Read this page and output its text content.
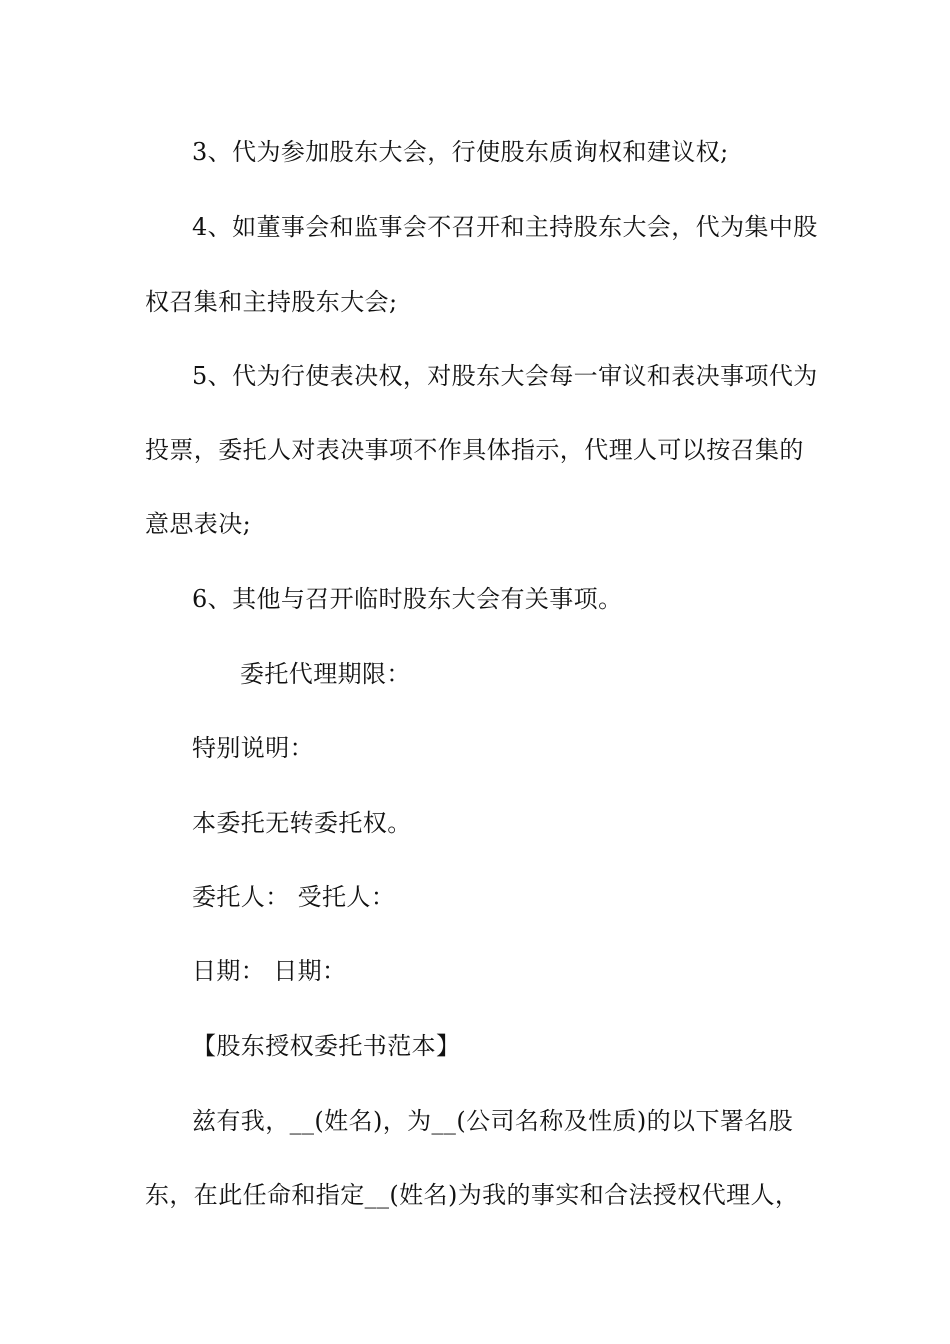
3、代为参加股东大会，行使股东质询权和建议权;
4、如董事会和监事会不召开和主持股东大会，代为集中股
权召集和主持股东大会;
5、代为行使表决权，对股东大会每一审议和表决事项代为
投票，委托人对表决事项不作具体指示，代理人可以按召集的
意思表决;
6、其他与召开临时股东大会有关事项。
委托代理期限：
特别说明：
本委托无转委托权。
委托人： 受托人：
日期： 日期：
【股东授权委托书范本】
兹有我，__(姓名)，为__(公司名称及性质)的以下署名股
东，在此任命和指定__(姓名)为我的事实和合法授权代理人，
